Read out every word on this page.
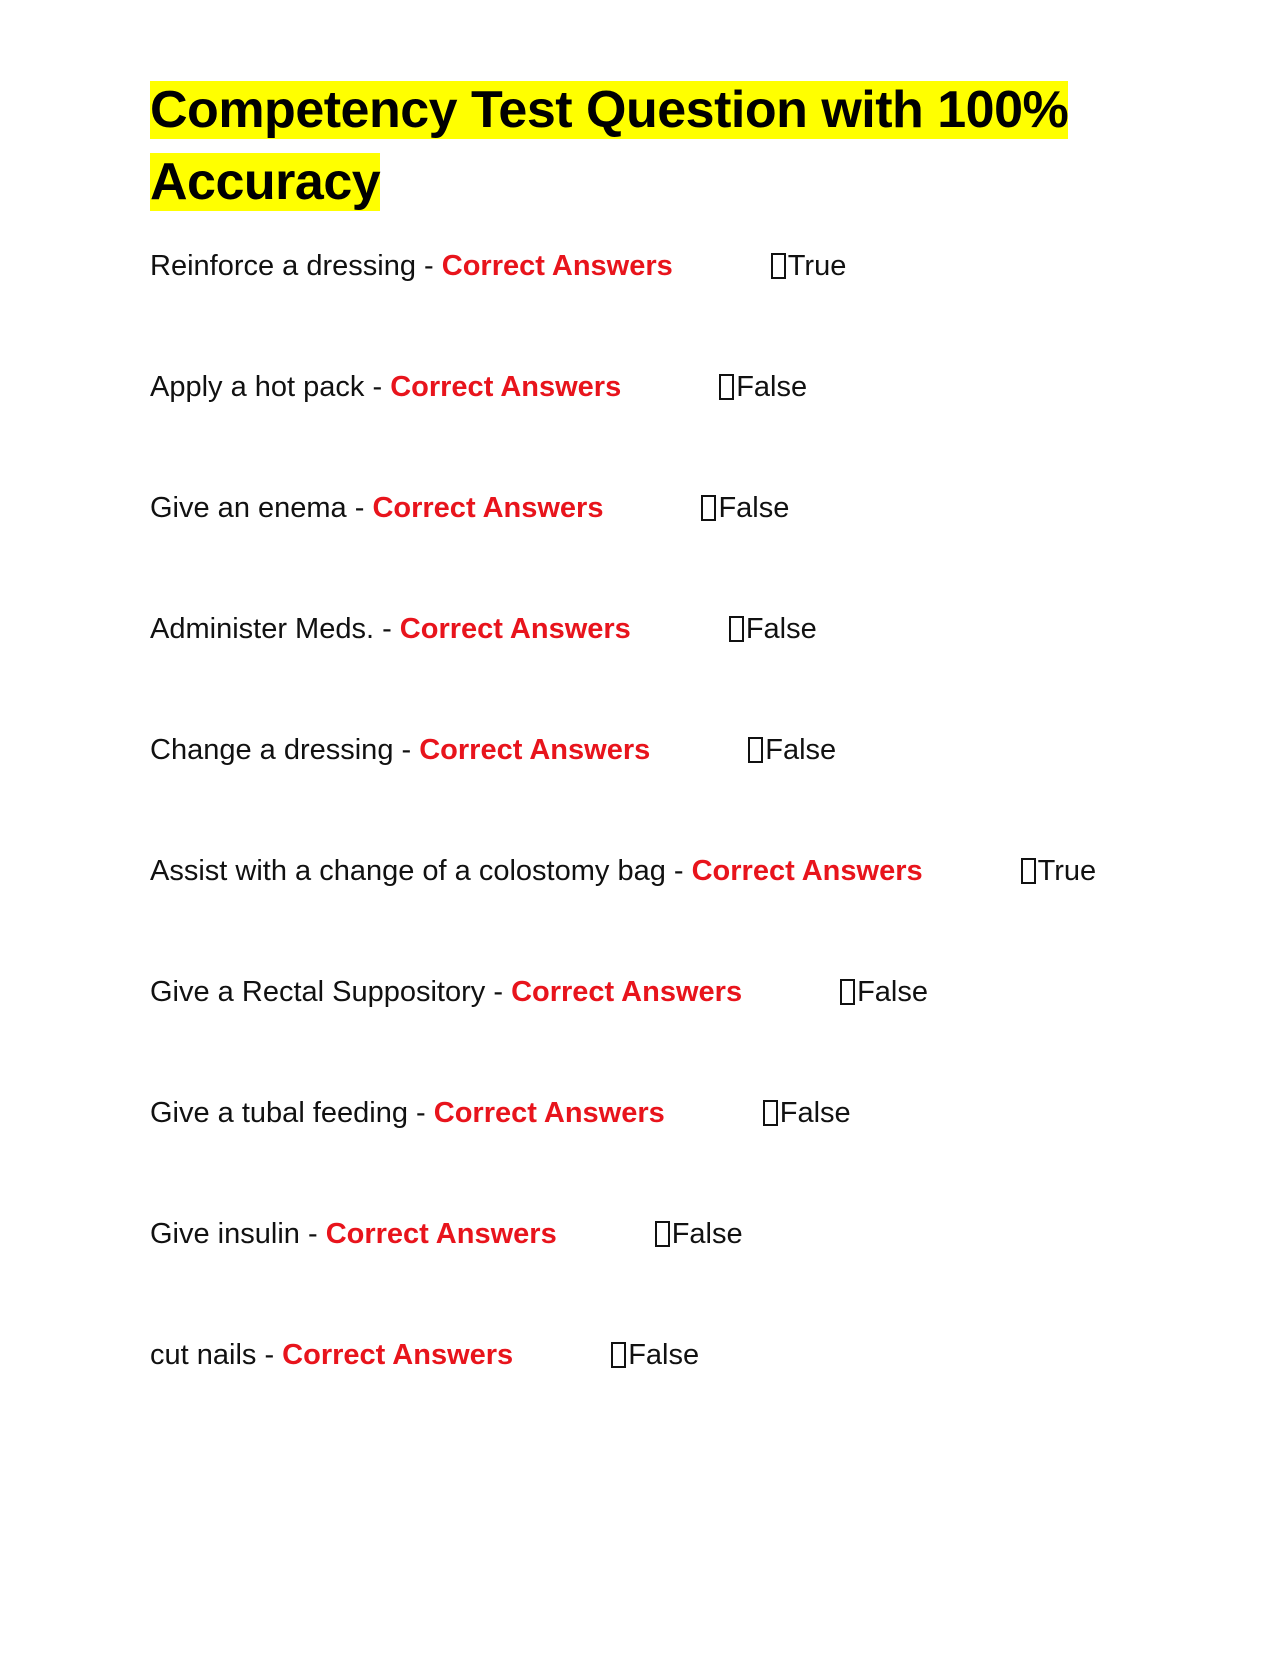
Competency Test Question with 100% Accuracy
Reinforce a dressing - Correct Answers	True
Apply a hot pack - Correct Answers	False
Give an enema - Correct Answers	False
Administer Meds. - Correct Answers	False
Change a dressing - Correct Answers	False
Assist with a change of a colostomy bag - Correct Answers	True
Give a Rectal Suppository - Correct Answers	False
Give a tubal feeding - Correct Answers	False
Give insulin - Correct Answers	False
cut nails - Correct Answers	False
